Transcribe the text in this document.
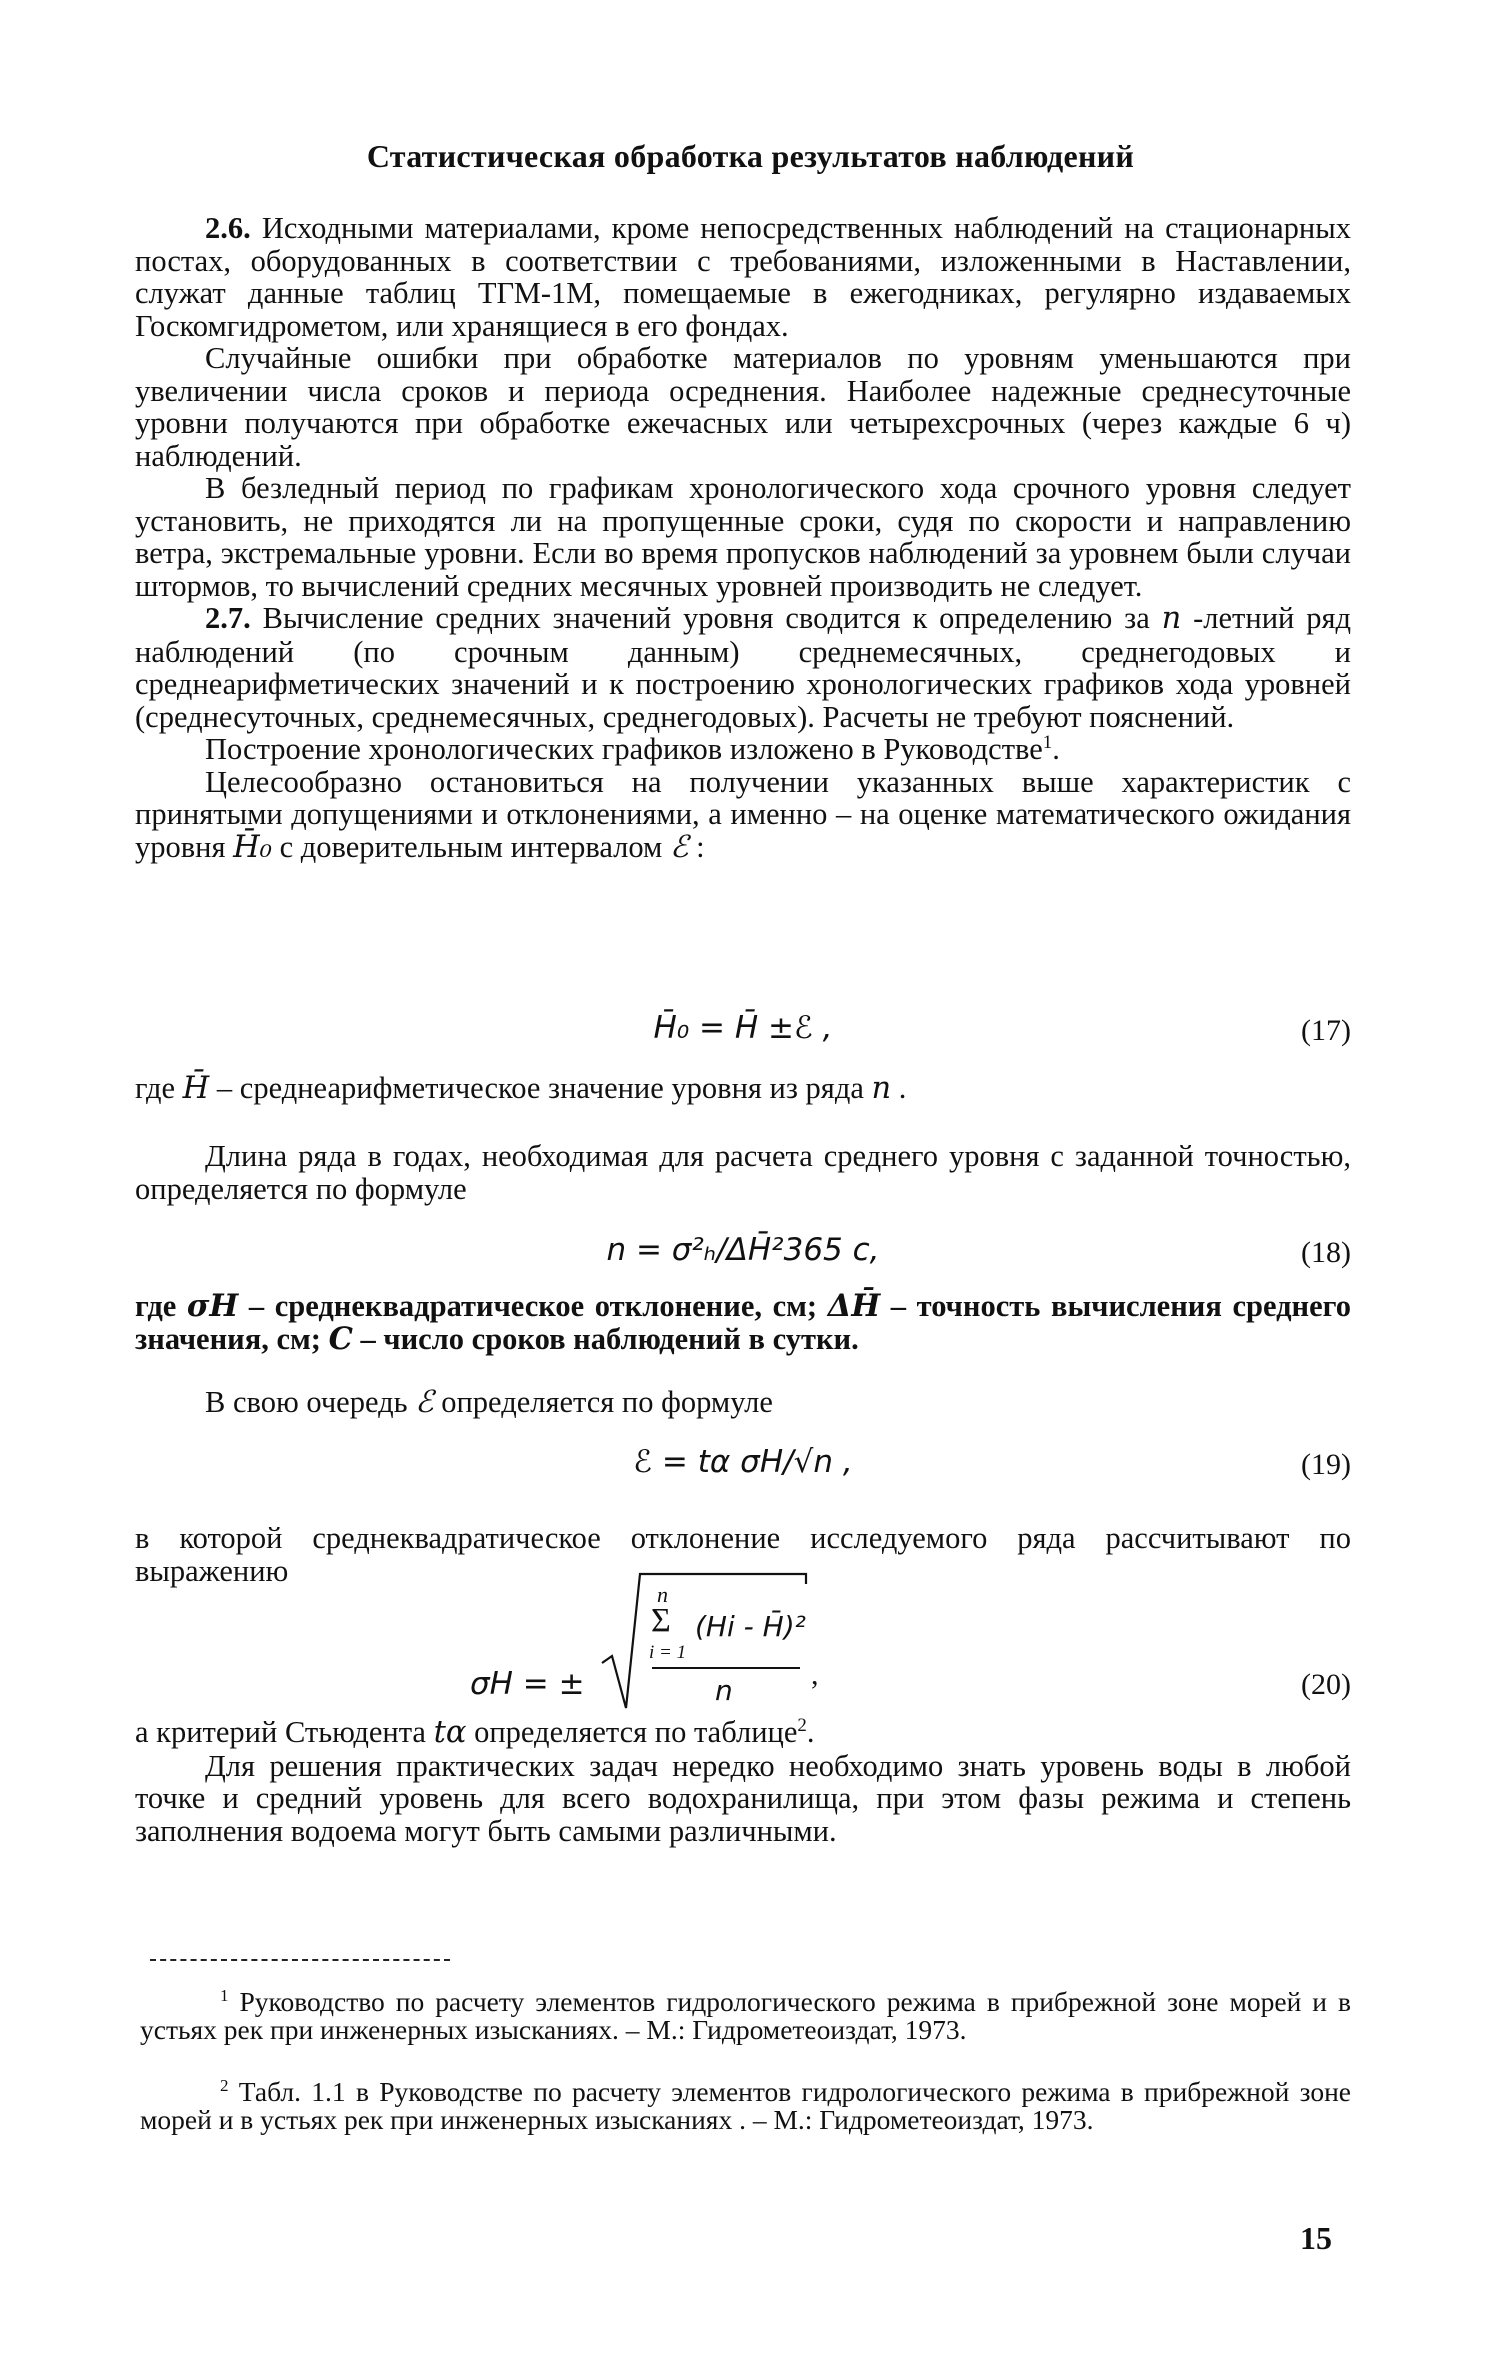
Статистическая обработка результатов наблюдений

2.6. Исходными материалами, кроме непосредственных наблюдений на стационарных постах, оборудованных в соответствии с требованиями, изложенными в Наставлении, служат данные таблиц ТГМ-1М, помещаемые в ежегодниках, регулярно издаваемых Госкомгидрометом, или хранящиеся в его фондах.

Случайные ошибки при обработке материалов по уровням уменьшаются при увеличении числа сроков и периода осреднения. Наиболее надежные среднесуточные уровни получаются при обработке ежечасных или четырехсрочных (через каждые 6 ч) наблюдений.

В безледный период по графикам хронологического хода срочного уровня следует установить, не приходятся ли на пропущенные сроки, судя по скорости и направлению ветра, экстремальные уровни. Если во время пропусков наблюдений за уровнем были случаи штормов, то вычислений средних месячных уровней производить не следует.

2.7. Вычисление средних значений уровня сводится к определению за n -летний ряд наблюдений (по срочным данным) среднемесячных, среднегодовых и среднеарифметических значений и к построению хронологических графиков хода уровней (среднесуточных, среднемесячных, среднегодовых). Расчеты не требуют пояснений.

Построение хронологических графиков изложено в Руководстве$^1$.

Целесообразно остановиться на получении указанных выше характеристик с принятыми допущениями и отклонениями, а именно – на оценке математического ожидания уровня H̄₀ с доверительным интервалом ℰ :

H̄₀ = H̄ ±ℰ ,	(17)
где H̄ – среднеарифметическое значение уровня из ряда n .

Длина ряда в годах, необходимая для расчета среднего уровня с заданной точностью, определяется по формуле

n = σ²ₕ/ΔH̄²365 c,	(18)

где σH – среднеквадратическое отклонение, см; ΔH̄ – точность вычисления среднего значения, см; C – число сроков наблюдений в сутки.

В свою очередь ℰ определяется по формуле

ℰ = tα σH/√n ,	(19)

в которой среднеквадратическое отклонение исследуемого ряда рассчитывают по выражению

σH = ±
n
Σ
i = 1
(Hi - H̄)²
n	,	(20)

а критерий Стьюдента tα определяется по таблице$^2$.

Для решения практических задач нередко необходимо знать уровень воды в любой точке и средний уровень для всего водохранилища, при этом фазы режима и степень заполнения водоема могут быть самыми различными.

$^1$ Руководство по расчету элементов гидрологического режима в прибрежной зоне морей и в устьях рек при инженерных изысканиях. – М.: Гидрометеоиздат, 1973.

$^2$ Табл. 1.1 в Руководстве по расчету элементов гидрологического режима в прибрежной зоне морей и в устьях рек при инженерных изысканиях . – М.: Гидрометеоиздат, 1973.

15
